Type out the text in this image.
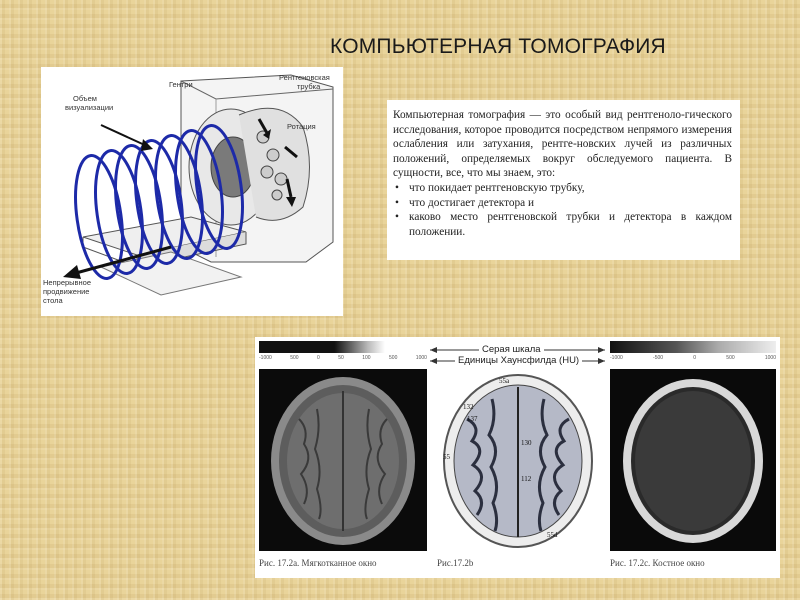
КОМПЬЮТЕРНАЯ ТОМОГРАФИЯ
Объем визуализации
Гентри
Рентгеновская трубка
Ротация
Непрерывное продвижение стола

Компьютерная томография — это особый вид рентгеноло-гического исследования, которое проводится посредством непрямого измерения ослабления или затухания, рентге-новских лучей из различных положений, определяемых вокруг обследуемого пациента. В сущности, все, что мы знаем, это:

• что покидает рентгеновскую трубку,
• что достигает детектора и
• каково место рентгеновской трубки и детектора в каждом положении.
-1000	500	0	50	100	500	1000	-1000	-500	0	500	1000
Серая шкала
Единицы Хаунсфилда (HU)
55а
132
137
130
112
55d
55
Рис. 17.2а. Мягкотканное окно	Рис.17.2b	Рис. 17.2с. Костное окно
